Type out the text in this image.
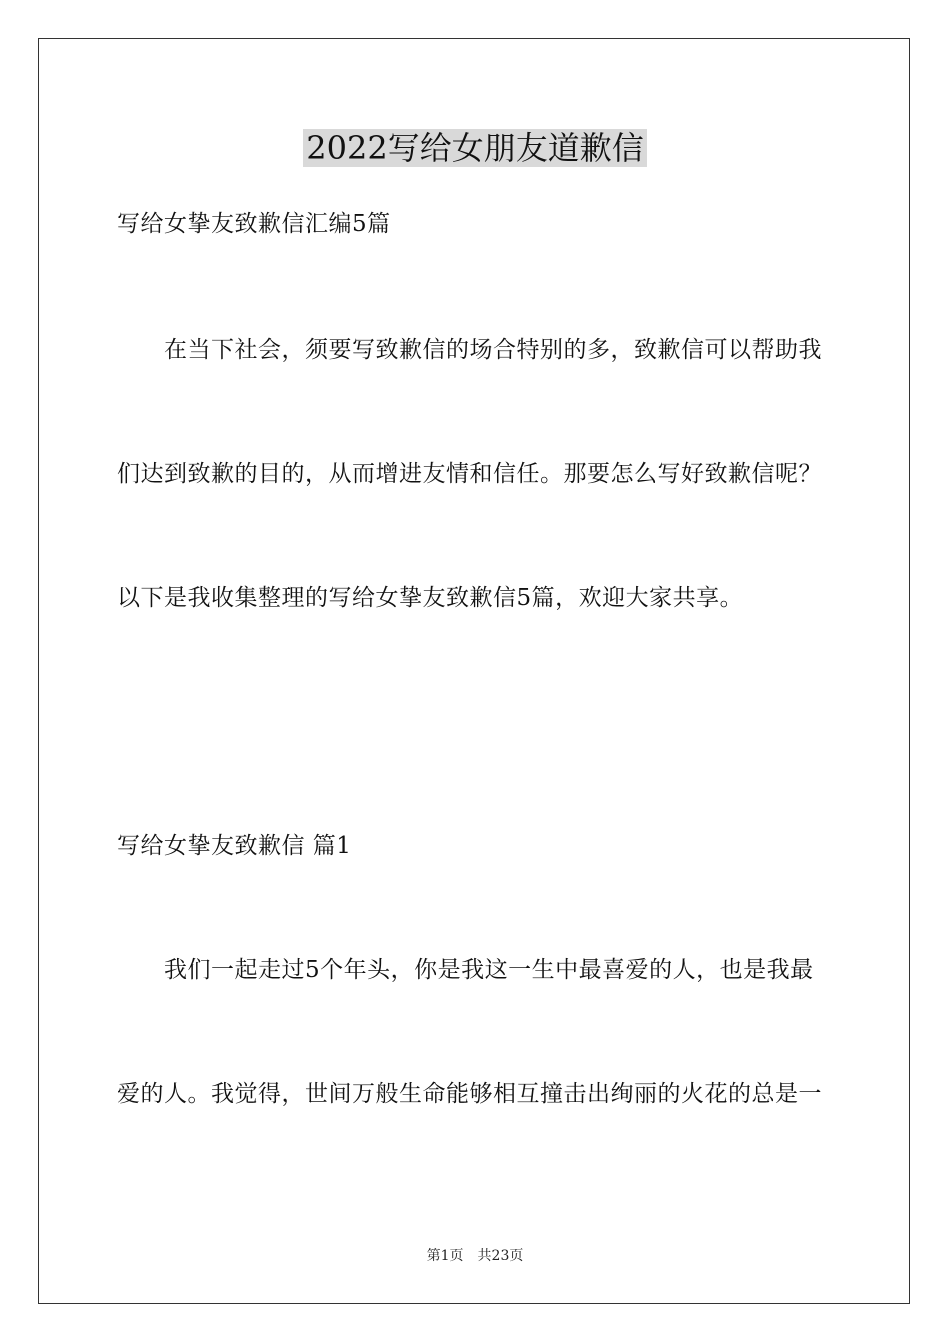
2022写给女朋友道歉信
写给女挚友致歉信汇编5篇
在当下社会，须要写致歉信的场合特别的多，致歉信可以帮助我
们达到致歉的目的，从而增进友情和信任。那要怎么写好致歉信呢？
以下是我收集整理的写给女挚友致歉信5篇，欢迎大家共享。
写给女挚友致歉信 篇1
我们一起走过5个年头，你是我这一生中最喜爱的人，也是我最
爱的人。我觉得，世间万般生命能够相互撞击出绚丽的火花的总是一
第1页 共23页
